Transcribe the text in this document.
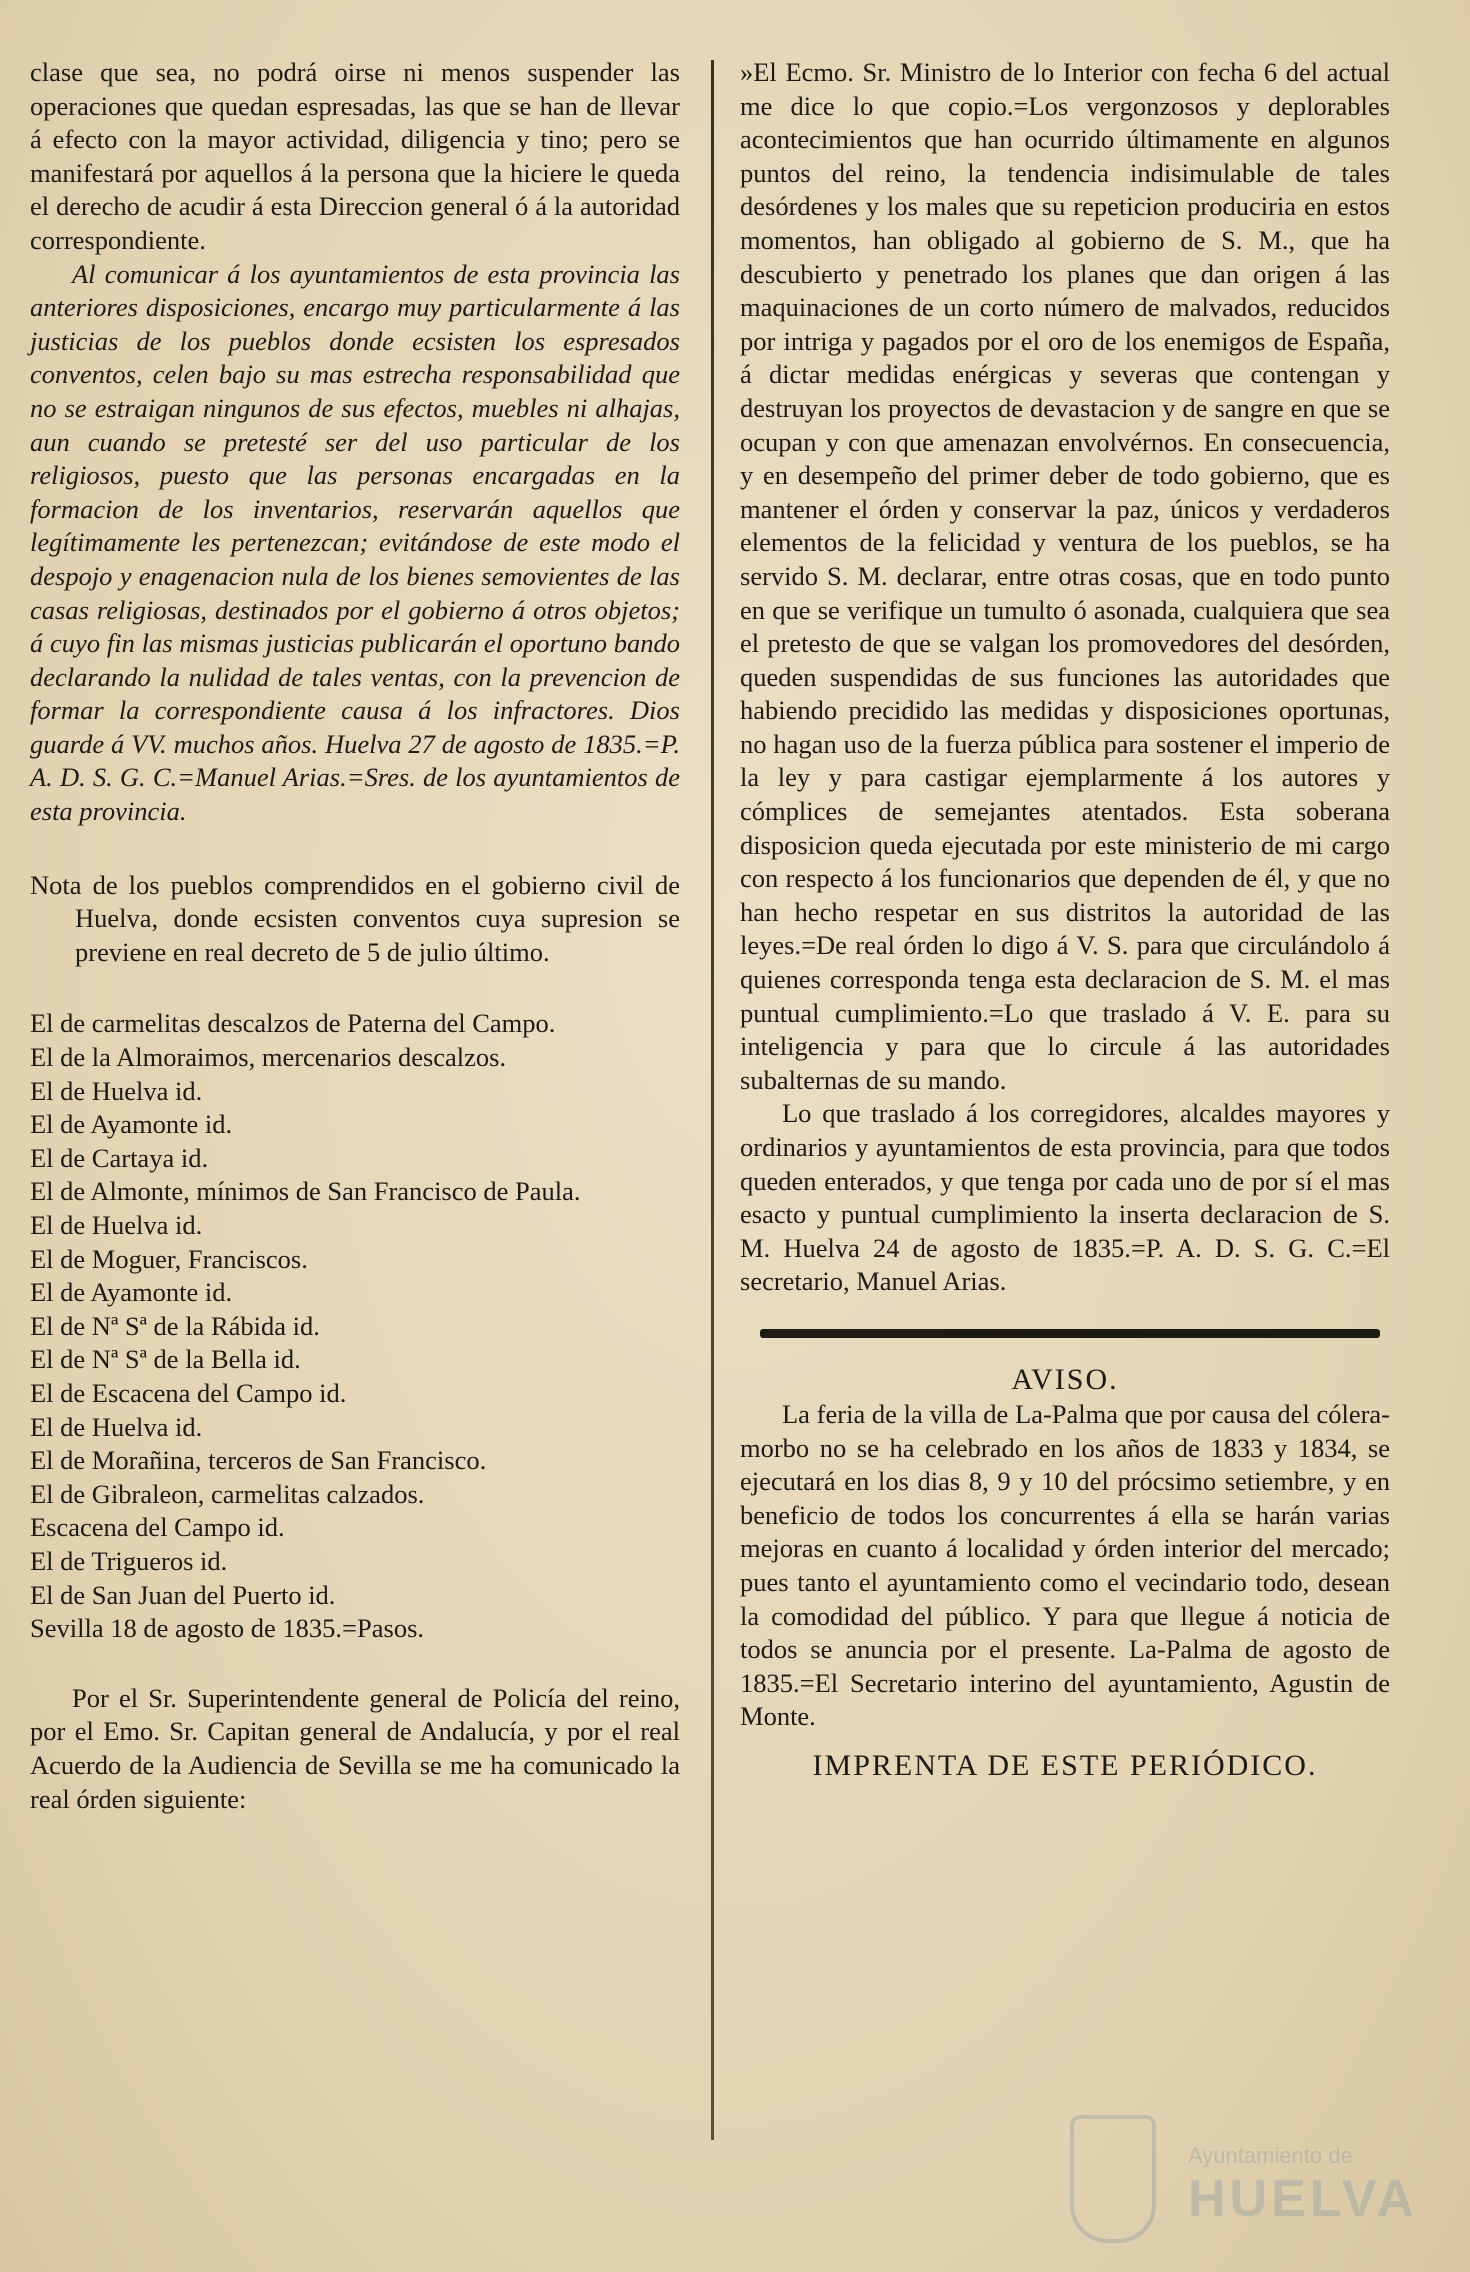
clase que sea, no podrá oirse ni menos suspender las operaciones que quedan espresadas, las que se han de llevar á efecto con la mayor actividad, diligencia y tino; pero se manifestará por aquellos á la persona que la hiciere le queda el derecho de acudir á esta Direccion general ó á la autoridad correspondiente.

Al comunicar á los ayuntamientos de esta provincia las anteriores disposiciones, encargo muy particularmente á las justicias de los pueblos donde ecsisten los espresados conventos, celen bajo su mas estrecha responsabilidad que no se estraigan ningunos de sus efectos, muebles ni alhajas, aun cuando se pretesté ser del uso particular de los religiosos, puesto que las personas encargadas en la formacion de los inventarios, reservarán aquellos que legítimamente les pertenezcan; evitándose de este modo el despojo y enagenacion nula de los bienes semovientes de las casas religiosas, destinados por el gobierno á otros objetos; á cuyo fin las mismas justicias publicarán el oportuno bando declarando la nulidad de tales ventas, con la prevencion de formar la correspondiente causa á los infractores. Dios guarde á VV. muchos años. Huelva 27 de agosto de 1835.=P. A. D. S. G. C.=Manuel Arias.=Sres. de los ayuntamientos de esta provincia.

Nota de los pueblos comprendidos en el gobierno civil de Huelva, donde ecsisten conventos cuya supresion se previene en real decreto de 5 de julio último.

El de carmelitas descalzos de Paterna del Campo.
El de la Almoraimos, mercenarios descalzos.
El de Huelva id.
El de Ayamonte id.
El de Cartaya id.
El de Almonte, mínimos de San Francisco de Paula.
El de Huelva id.
El de Moguer, Franciscos.
El de Ayamonte id.
El de Nª Sª de la Rábida id.
El de Nª Sª de la Bella id.
El de Escacena del Campo id.
El de Huelva id.
El de Morañina, terceros de San Francisco.
El de Gibraleon, carmelitas calzados.
Escacena del Campo id.
El de Trigueros id.
El de San Juan del Puerto id.
Sevilla 18 de agosto de 1835.=Pasos.

Por el Sr. Superintendente general de Policía del reino, por el Emo. Sr. Capitan general de Andalucía, y por el real Acuerdo de la Audiencia de Sevilla se me ha comunicado la real órden siguiente:

»El Ecmo. Sr. Ministro de lo Interior con fecha 6 del actual me dice lo que copio.=Los vergonzosos y deplorables acontecimientos que han ocurrido últimamente en algunos puntos del reino, la tendencia indisimulable de tales desórdenes y los males que su repeticion produciria en estos momentos, han obligado al gobierno de S. M., que ha descubierto y penetrado los planes que dan origen á las maquinaciones de un corto número de malvados, reducidos por intriga y pagados por el oro de los enemigos de España, á dictar medidas enérgicas y severas que contengan y destruyan los proyectos de devastacion y de sangre en que se ocupan y con que amenazan envolvérnos. En consecuencia, y en desempeño del primer deber de todo gobierno, que es mantener el órden y conservar la paz, únicos y verdaderos elementos de la felicidad y ventura de los pueblos, se ha servido S. M. declarar, entre otras cosas, que en todo punto en que se verifique un tumulto ó asonada, cualquiera que sea el pretesto de que se valgan los promovedores del desórden, queden suspendidas de sus funciones las autoridades que habiendo precidido las medidas y disposiciones oportunas, no hagan uso de la fuerza pública para sostener el imperio de la ley y para castigar ejemplarmente á los autores y cómplices de semejantes atentados. Esta soberana disposicion queda ejecutada por este ministerio de mi cargo con respecto á los funcionarios que dependen de él, y que no han hecho respetar en sus distritos la autoridad de las leyes.=De real órden lo digo á V. S. para que circulándolo á quienes corresponda tenga esta declaracion de S. M. el mas puntual cumplimiento.=Lo que traslado á V. E. para su inteligencia y para que lo circule á las autoridades subalternas de su mando.

Lo que traslado á los corregidores, alcaldes mayores y ordinarios y ayuntamientos de esta provincia, para que todos queden enterados, y que tenga por cada uno de por sí el mas esacto y puntual cumplimiento la inserta declaracion de S. M. Huelva 24 de agosto de 1835.=P. A. D. S. G. C.=El secretario, Manuel Arias.

AVISO.

La feria de la villa de La-Palma que por causa del cólera-morbo no se ha celebrado en los años de 1833 y 1834, se ejecutará en los dias 8, 9 y 10 del prócsimo setiembre, y en beneficio de todos los concurrentes á ella se harán varias mejoras en cuanto á localidad y órden interior del mercado; pues tanto el ayuntamiento como el vecindario todo, desean la comodidad del público. Y para que llegue á noticia de todos se anuncia por el presente. La-Palma de agosto de 1835.=El Secretario interino del ayuntamiento, Agustin de Monte.

IMPRENTA DE ESTE PERIÓDICO.
Ayuntamiento de
HUELVA
